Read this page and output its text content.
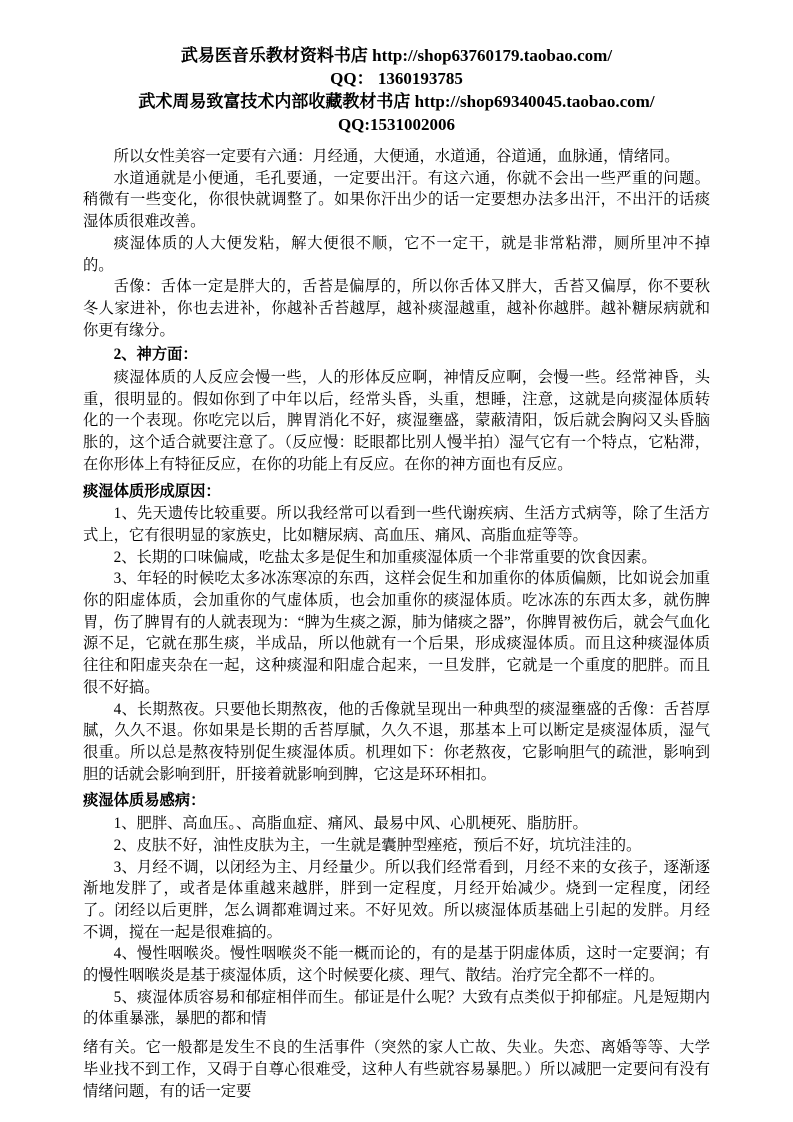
武易医音乐教材资料书店 http://shop63760179.taobao.com/

QQ： 1360193785

武术周易致富技术内部收藏教材书店 http://shop69340045.taobao.com/

QQ:1531002006

所以女性美容一定要有六通：月经通，大便通，水道通，谷道通，血脉通，情绪同。

水道通就是小便通，毛孔要通，一定要出汗。有这六通，你就不会出一些严重的问题。稍微有一些变化，你很快就调整了。如果你汗出少的话一定要想办法多出汗，不出汗的话痰湿体质很难改善。

痰湿体质的人大便发粘，解大便很不顺，它不一定干，就是非常粘滞，厕所里冲不掉的。

舌像：舌体一定是胖大的，舌苔是偏厚的，所以你舌体又胖大，舌苔又偏厚，你不要秋冬人家进补，你也去进补，你越补舌苔越厚，越补痰湿越重，越补你越胖。越补糖尿病就和你更有缘分。

2、神方面：

痰湿体质的人反应会慢一些，人的形体反应啊，神情反应啊，会慢一些。经常神昏，头重，很明显的。假如你到了中年以后，经常头昏，头重，想睡，注意，这就是向痰湿体质转化的一个表现。你吃完以后，脾胃消化不好，痰湿壅盛，蒙蔽清阳，饭后就会胸闷又头昏脑胀的，这个适合就要注意了。（反应慢：眨眼都比别人慢半拍）湿气它有一个特点，它粘滞，在你形体上有特征反应，在你的功能上有反应。在你的神方面也有反应。

痰湿体质形成原因：

1、先天遗传比较重要。所以我经常可以看到一些代谢疾病、生活方式病等，除了生活方式上，它有很明显的家族史，比如糖尿病、高血压、痛风、高脂血症等等。

2、长期的口味偏咸，吃盐太多是促生和加重痰湿体质一个非常重要的饮食因素。

3、年轻的时候吃太多冰冻寒凉的东西，这样会促生和加重你的体质偏颇，比如说会加重你的阳虚体质，会加重你的气虚体质，也会加重你的痰湿体质。吃冰冻的东西太多，就伤脾胃，伤了脾胃有的人就表现为：“脾为生痰之源，肺为储痰之器”，你脾胃被伤后，就会气血化源不足，它就在那生痰，半成品，所以他就有一个后果，形成痰湿体质。而且这种痰湿体质往往和阳虚夹杂在一起，这种痰湿和阳虚合起来，一旦发胖，它就是一个重度的肥胖。而且很不好搞。

4、长期熬夜。只要他长期熬夜，他的舌像就呈现出一种典型的痰湿壅盛的舌像：舌苔厚腻，久久不退。你如果是长期的舌苔厚腻，久久不退，那基本上可以断定是痰湿体质，湿气很重。所以总是熬夜特别促生痰湿体质。机理如下：你老熬夜，它影响胆气的疏泄，影响到胆的话就会影响到肝，肝接着就影响到脾，它这是环环相扣。

痰湿体质易感病：

1、肥胖、高血压。、高脂血症、痛风、最易中风、心肌梗死、脂肪肝。

2、皮肤不好，油性皮肤为主，一生就是囊肿型痤疮，预后不好，坑坑洼洼的。

3、月经不调，以闭经为主、月经量少。所以我们经常看到，月经不来的女孩子，逐渐逐渐地发胖了，或者是体重越来越胖，胖到一定程度，月经开始减少。烧到一定程度，闭经了。闭经以后更胖，怎么调都难调过来。不好见效。所以痰湿体质基础上引起的发胖。月经不调，搅在一起是很难搞的。

4、慢性咽喉炎。慢性咽喉炎不能一概而论的，有的是基于阴虚体质，这时一定要润；有的慢性咽喉炎是基于痰湿体质，这个时候要化痰、理气、散结。治疗完全都不一样的。

5、痰湿体质容易和郁症相伴而生。郁证是什么呢？大致有点类似于抑郁症。凡是短期内的体重暴涨，暴肥的都和情

绪有关。它一般都是发生不良的生活事件（突然的家人亡故、失业。失恋、离婚等等、大学毕业找不到工作，又碍于自尊心很难受，这种人有些就容易暴肥。）所以减肥一定要问有没有情绪问题，有的话一定要
